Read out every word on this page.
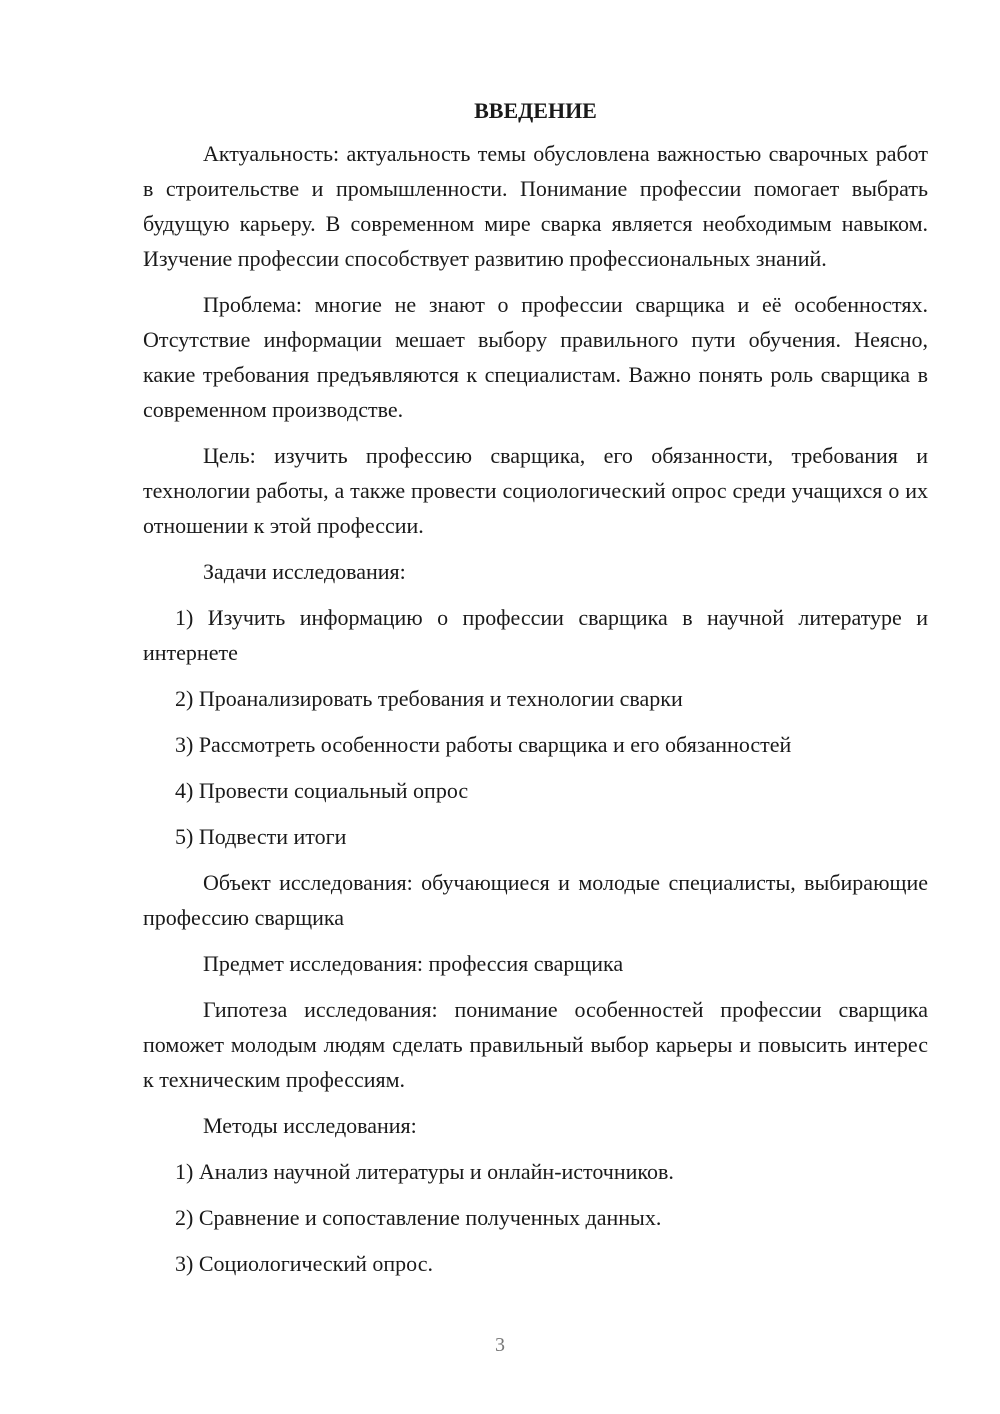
ВВЕДЕНИЕ

Актуальность: актуальность темы обусловлена важностью сварочных работ в строительстве и промышленности. Понимание профессии помогает выбрать будущую карьеру. В современном мире сварка является необходимым навыком. Изучение профессии способствует развитию профессиональных знаний.

Проблема: многие не знают о профессии сварщика и её особенностях. Отсутствие информации мешает выбору правильного пути обучения. Неясно, какие требования предъявляются к специалистам. Важно понять роль сварщика в современном производстве.

Цель: изучить профессию сварщика, его обязанности, требования и технологии работы, а также провести социологический опрос среди учащихся о их отношении к этой профессии.

Задачи исследования:

1) Изучить информацию о профессии сварщика в научной литературе и интернете

2) Проанализировать требования и технологии сварки

3) Рассмотреть особенности работы сварщика и его обязанностей

4) Провести социальный опрос

5) Подвести итоги

Объект исследования: обучающиеся и молодые специалисты, выбирающие профессию сварщика

Предмет исследования: профессия сварщика

Гипотеза исследования: понимание особенностей профессии сварщика поможет молодым людям сделать правильный выбор карьеры и повысить интерес к техническим профессиям.

Методы исследования:

1) Анализ научной литературы и онлайн-источников.

2) Сравнение и сопоставление полученных данных.

3) Социологический опрос.

3
